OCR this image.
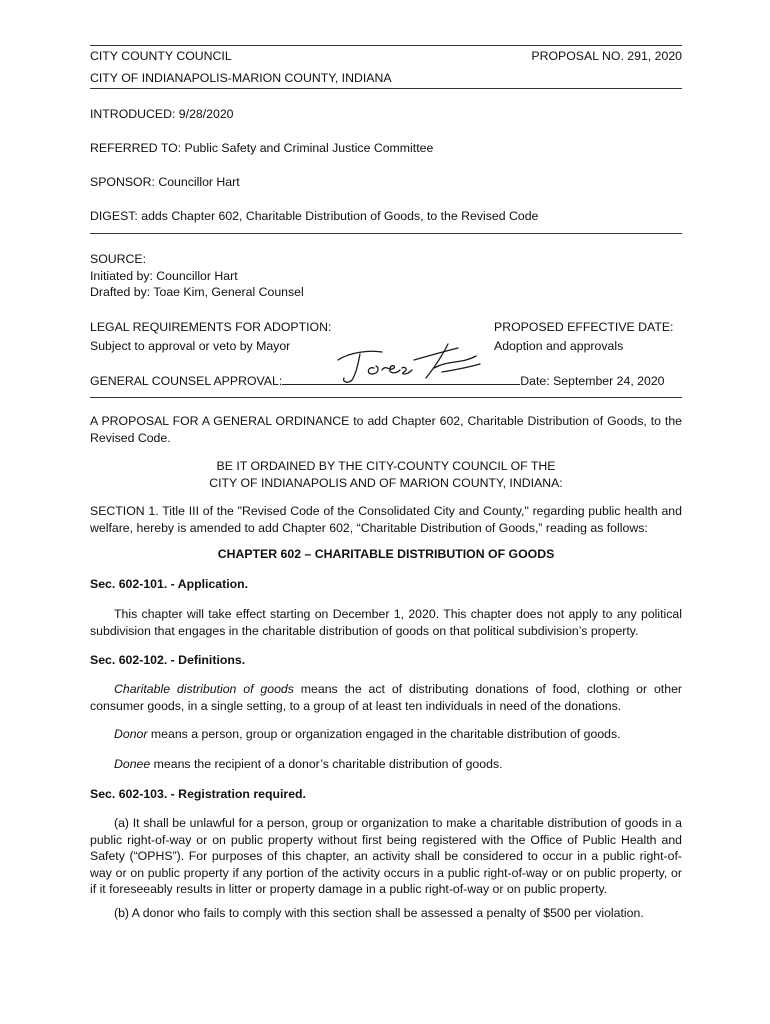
CITY COUNTY COUNCIL	PROPOSAL NO. 291, 2020
CITY OF INDIANAPOLIS-MARION COUNTY, INDIANA
INTRODUCED: 9/28/2020
REFERRED TO: Public Safety and Criminal Justice Committee
SPONSOR: Councillor Hart
DIGEST: adds Chapter 602, Charitable Distribution of Goods, to the Revised Code
SOURCE:
Initiated by: Councillor Hart
Drafted by: Toae Kim, General Counsel
LEGAL REQUIREMENTS FOR ADOPTION:	PROPOSED EFFECTIVE DATE:
Subject to approval or veto by Mayor	Adoption and approvals
GENERAL COUNSEL APPROVAL:	Date: September 24, 2020
A PROPOSAL FOR A GENERAL ORDINANCE to add Chapter 602, Charitable Distribution of Goods, to the Revised Code.
BE IT ORDAINED BY THE CITY-COUNTY COUNCIL OF THE
CITY OF INDIANAPOLIS AND OF MARION COUNTY, INDIANA:
SECTION 1. Title III of the "Revised Code of the Consolidated City and County," regarding public health and welfare, hereby is amended to add Chapter 602, “Charitable Distribution of Goods,” reading as follows:
CHAPTER 602 – CHARITABLE DISTRIBUTION OF GOODS
Sec. 602-101. - Application.
This chapter will take effect starting on December 1, 2020. This chapter does not apply to any political subdivision that engages in the charitable distribution of goods on that political subdivision’s property.
Sec. 602-102. - Definitions.
Charitable distribution of goods means the act of distributing donations of food, clothing or other consumer goods, in a single setting, to a group of at least ten individuals in need of the donations.
Donor means a person, group or organization engaged in the charitable distribution of goods.
Donee means the recipient of a donor’s charitable distribution of goods.
Sec. 602-103. - Registration required.
(a) It shall be unlawful for a person, group or organization to make a charitable distribution of goods in a public right-of-way or on public property without first being registered with the Office of Public Health and Safety (“OPHS”). For purposes of this chapter, an activity shall be considered to occur in a public right-of-way or on public property if any portion of the activity occurs in a public right-of-way or on public property, or if it foreseeably results in litter or property damage in a public right-of-way or on public property.
(b) A donor who fails to comply with this section shall be assessed a penalty of $500 per violation.
